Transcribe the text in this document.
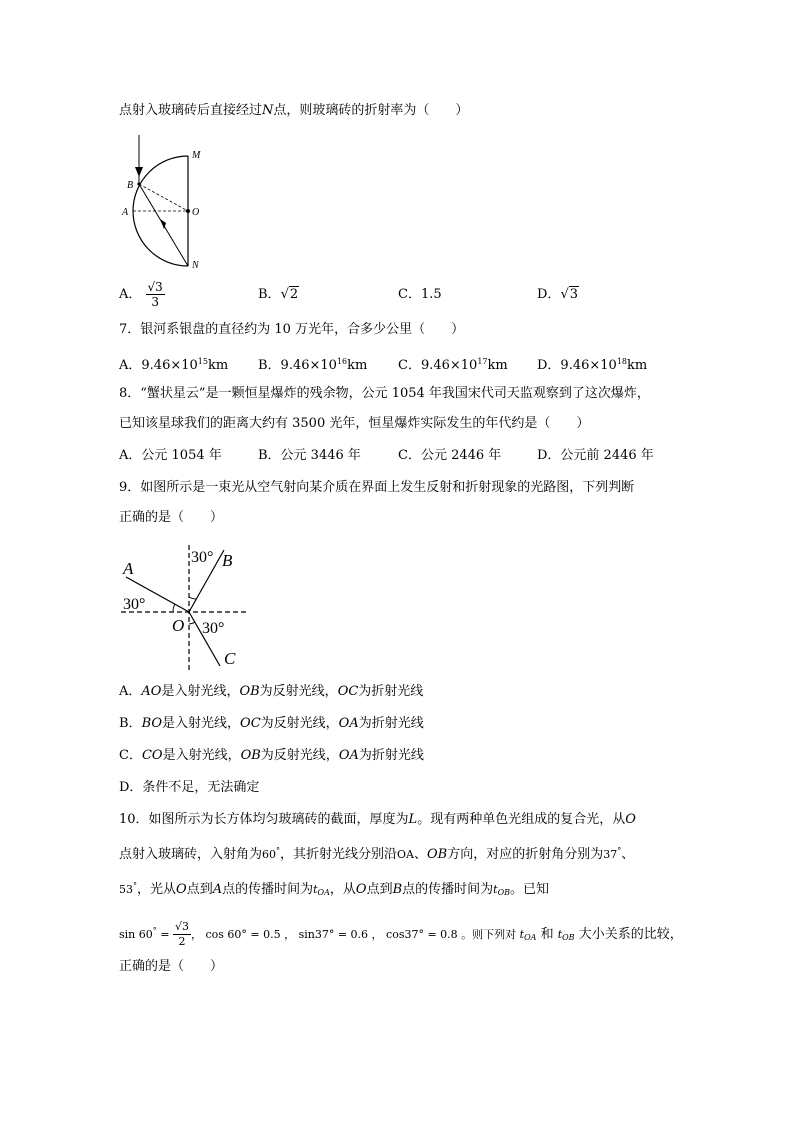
点射入玻璃砖后直接经过N点，则玻璃砖的折射率为（　　）
M
B
A	O
N
A． $\frac{√3}{3}$	B．√2	C．1.5	D．√3
7．银河系银盘的直径约为 10 万光年，合多少公里（　　）
A．$9.46\times 10^{15}km$ B．$9.46\times 10^{16}km$ C．$9.46\times 10^{17}km$ D．$9.46\times 10^{18}km$
8．“蟹状星云”是一颗恒星爆炸的残余物，公元 1054 年我国宋代司天监观察到了这次爆炸，
已知该星球我们的距离大约有 3500 光年，恒星爆炸实际发生的年代约是（　　）
A．公元 1054 年	B．公元 3446 年	C．公元 2446 年	D．公元前 2446 年
9．如图所示是一束光从空气射向某介质在界面上发生反射和折射现象的光路图，下列判断
正确的是（　　）
A	B
C
O
30°
30°
30°
A．AO是入射光线，OB为反射光线，OC为折射光线
B．BO是入射光线，OC为反射光线，OA为折射光线
C．CO是入射光线，OB为反射光线，OA为折射光线
D．条件不足，无法确定
10．如图所示为长方体均匀玻璃砖的截面，厚度为L。现有两种单色光组成的复合光，从O
点射入玻璃砖，入射角为60°，其折射光线分别沿OA、OB方向，对应的折射角分别为37°、
53°，光从O点到A点的传播时间为$t_{OA}$，从O点到B点的传播时间为$t_{OB}$。已知
$\sin 60^\circ = \frac{√3}{2}$ ， cos 60° = 0.5 ， sin37° = 0.6 ， cos37° = 0.8 。则下列对 $t_{OA}$ 和 $t_{OB}$ 大小关系的比较，
正确的是（　　）
